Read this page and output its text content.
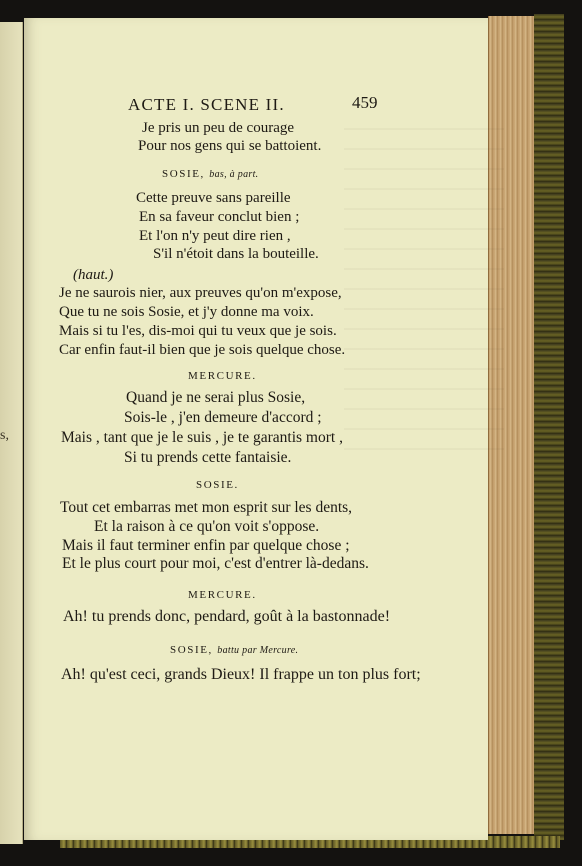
s,
ACTE I. SCENE II.	459
Je pris un peu de courage
Pour nos gens qui se battoient.
SOSIE, bas, à part.
Cette preuve sans pareille
En sa faveur conclut bien ;
Et l'on n'y peut dire rien ,
S'il n'étoit dans la bouteille.
(haut.)
Je ne saurois nier, aux preuves qu'on m'expose,
Que tu ne sois Sosie, et j'y donne ma voix.
Mais si tu l'es, dis-moi qui tu veux que je sois.
Car enfin faut-il bien que je sois quelque chose.
MERCURE.
Quand je ne serai plus Sosie,
Sois-le , j'en demeure d'accord ;
Mais , tant que je le suis , je te garantis mort ,
Si tu prends cette fantaisie.
SOSIE.
Tout cet embarras met mon esprit sur les dents,
Et la raison à ce qu'on voit s'oppose.
Mais il faut terminer enfin par quelque chose ;
Et le plus court pour moi, c'est d'entrer là-dedans.
MERCURE.
Ah! tu prends donc, pendard, goût à la bastonnade!
SOSIE, battu par Mercure.
Ah! qu'est ceci, grands Dieux! Il frappe un ton plus fort;
